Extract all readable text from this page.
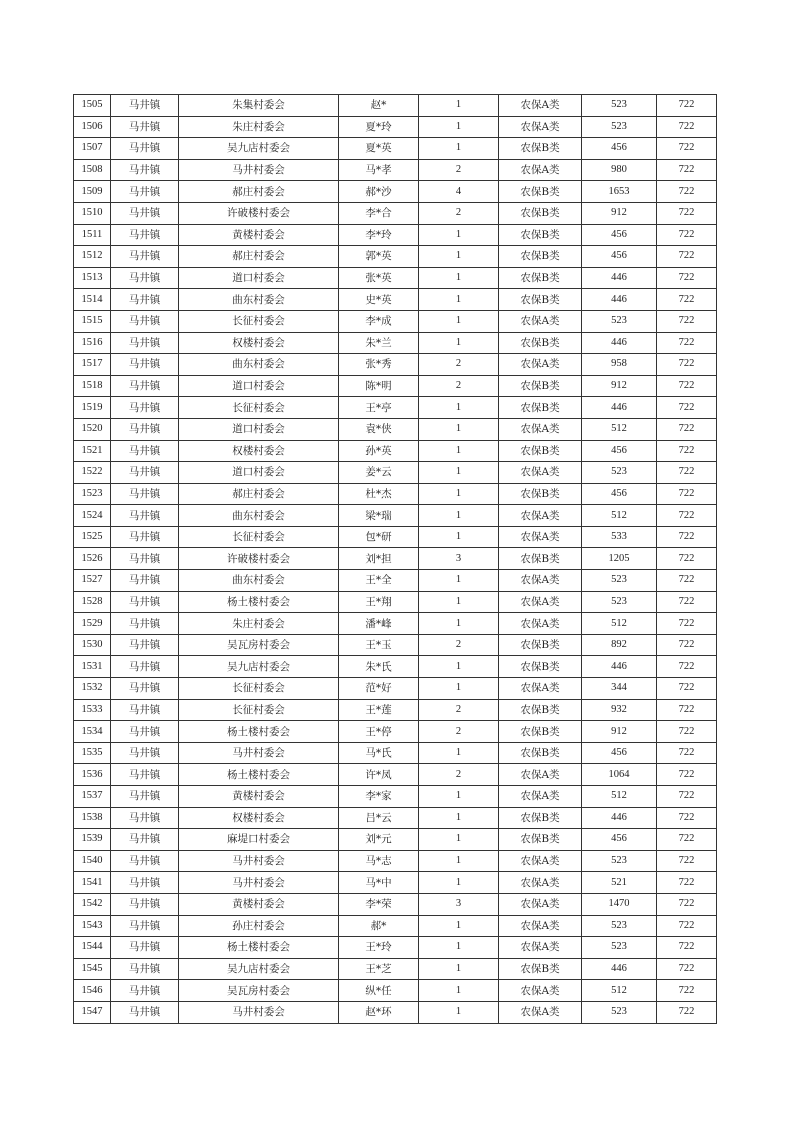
1505	马井镇	朱集村委会	赵*	1	农保A类	523	722
1506	马井镇	朱庄村委会	夏*玲	1	农保A类	523	722
1507	马井镇	吴九店村委会	夏*英	1	农保B类	456	722
1508	马井镇	马井村委会	马*孝	2	农保A类	980	722
1509	马井镇	郝庄村委会	郝*沙	4	农保B类	1653	722
1510	马井镇	许破楼村委会	李*合	2	农保B类	912	722
1511	马井镇	黄楼村委会	李*玲	1	农保B类	456	722
1512	马井镇	郝庄村委会	郭*英	1	农保B类	456	722
1513	马井镇	道口村委会	张*英	1	农保B类	446	722
1514	马井镇	曲东村委会	史*英	1	农保B类	446	722
1515	马井镇	长征村委会	李*成	1	农保A类	523	722
1516	马井镇	权楼村委会	朱*兰	1	农保B类	446	722
1517	马井镇	曲东村委会	张*秀	2	农保A类	958	722
1518	马井镇	道口村委会	陈*明	2	农保B类	912	722
1519	马井镇	长征村委会	王*亭	1	农保B类	446	722
1520	马井镇	道口村委会	袁*侠	1	农保A类	512	722
1521	马井镇	权楼村委会	孙*英	1	农保B类	456	722
1522	马井镇	道口村委会	姜*云	1	农保A类	523	722
1523	马井镇	郝庄村委会	杜*杰	1	农保B类	456	722
1524	马井镇	曲东村委会	梁*瑞	1	农保A类	512	722
1525	马井镇	长征村委会	包*研	1	农保A类	533	722
1526	马井镇	许破楼村委会	刘*担	3	农保B类	1205	722
1527	马井镇	曲东村委会	王*全	1	农保A类	523	722
1528	马井镇	杨土楼村委会	王*翔	1	农保A类	523	722
1529	马井镇	朱庄村委会	潘*峰	1	农保A类	512	722
1530	马井镇	吴瓦房村委会	王*玉	2	农保B类	892	722
1531	马井镇	吴九店村委会	朱*氏	1	农保B类	446	722
1532	马井镇	长征村委会	范*好	1	农保A类	344	722
1533	马井镇	长征村委会	王*莲	2	农保B类	932	722
1534	马井镇	杨土楼村委会	王*停	2	农保B类	912	722
1535	马井镇	马井村委会	马*氏	1	农保B类	456	722
1536	马井镇	杨土楼村委会	许*凤	2	农保A类	1064	722
1537	马井镇	黄楼村委会	李*家	1	农保A类	512	722
1538	马井镇	权楼村委会	吕*云	1	农保B类	446	722
1539	马井镇	麻堤口村委会	刘*元	1	农保B类	456	722
1540	马井镇	马井村委会	马*志	1	农保A类	523	722
1541	马井镇	马井村委会	马*中	1	农保A类	521	722
1542	马井镇	黄楼村委会	李*荣	3	农保A类	1470	722
1543	马井镇	孙庄村委会	郝*	1	农保A类	523	722
1544	马井镇	杨土楼村委会	王*玲	1	农保A类	523	722
1545	马井镇	吴九店村委会	王*芝	1	农保B类	446	722
1546	马井镇	吴瓦房村委会	纵*任	1	农保A类	512	722
1547	马井镇	马井村委会	赵*环	1	农保A类	523	722
